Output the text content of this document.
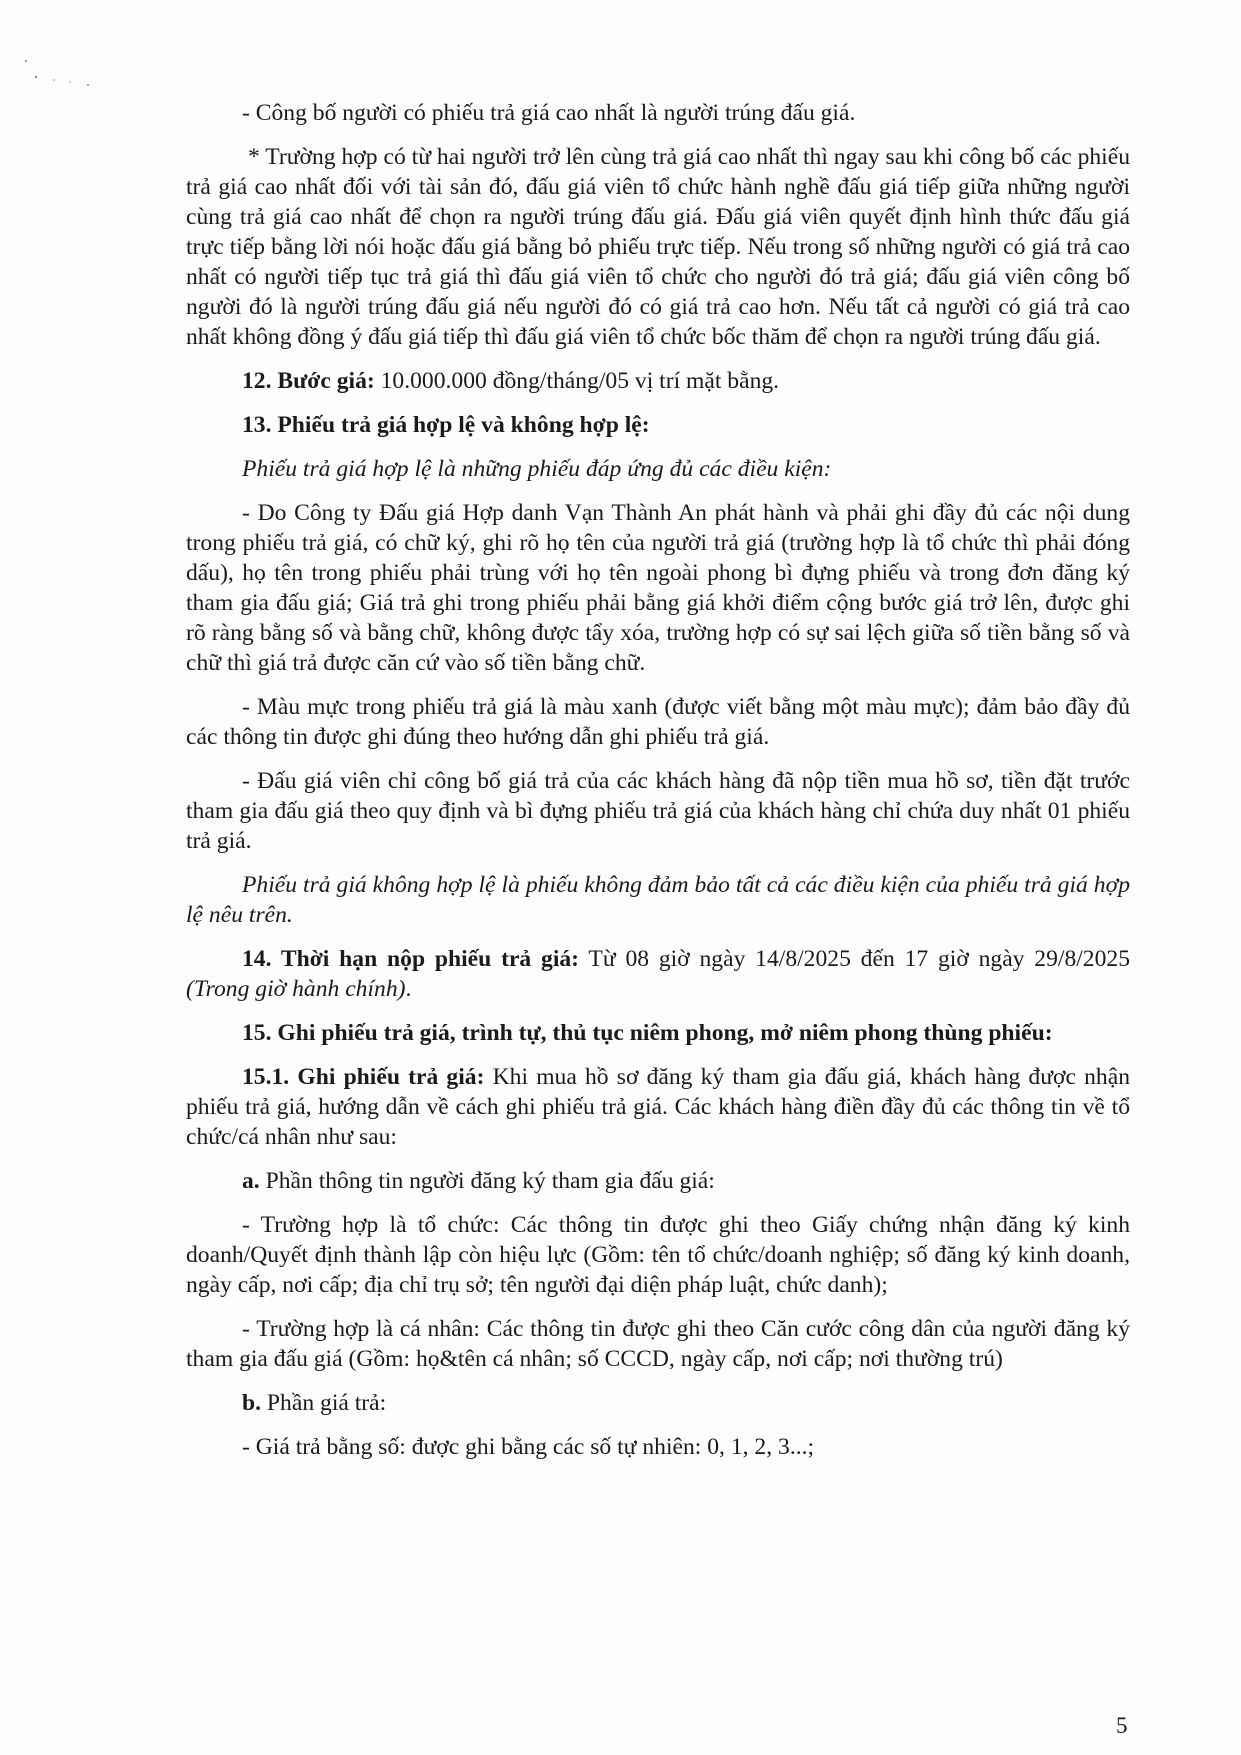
- Công bố người có phiếu trả giá cao nhất là người trúng đấu giá.

* Trường hợp có từ hai người trở lên cùng trả giá cao nhất thì ngay sau khi công bố các phiếu trả giá cao nhất đối với tài sản đó, đấu giá viên tổ chức hành nghề đấu giá tiếp giữa những người cùng trả giá cao nhất để chọn ra người trúng đấu giá. Đấu giá viên quyết định hình thức đấu giá trực tiếp bằng lời nói hoặc đấu giá bằng bỏ phiếu trực tiếp. Nếu trong số những người có giá trả cao nhất có người tiếp tục trả giá thì đấu giá viên tổ chức cho người đó trả giá; đấu giá viên công bố người đó là người trúng đấu giá nếu người đó có giá trả cao hơn. Nếu tất cả người có giá trả cao nhất không đồng ý đấu giá tiếp thì đấu giá viên tổ chức bốc thăm để chọn ra người trúng đấu giá.

12. Bước giá: 10.000.000 đồng/tháng/05 vị trí mặt bằng.

13. Phiếu trả giá hợp lệ và không hợp lệ:

Phiếu trả giá hợp lệ là những phiếu đáp ứng đủ các điều kiện:

- Do Công ty Đấu giá Hợp danh Vạn Thành An phát hành và phải ghi đầy đủ các nội dung trong phiếu trả giá, có chữ ký, ghi rõ họ tên của người trả giá (trường hợp là tổ chức thì phải đóng dấu), họ tên trong phiếu phải trùng với họ tên ngoài phong bì đựng phiếu và trong đơn đăng ký tham gia đấu giá; Giá trả ghi trong phiếu phải bằng giá khởi điểm cộng bước giá trở lên, được ghi rõ ràng bằng số và bằng chữ, không được tẩy xóa, trường hợp có sự sai lệch giữa số tiền bằng số và chữ thì giá trả được căn cứ vào số tiền bằng chữ.

- Màu mực trong phiếu trả giá là màu xanh (được viết bằng một màu mực); đảm bảo đầy đủ các thông tin được ghi đúng theo hướng dẫn ghi phiếu trả giá.

- Đấu giá viên chỉ công bố giá trả của các khách hàng đã nộp tiền mua hồ sơ, tiền đặt trước tham gia đấu giá theo quy định và bì đựng phiếu trả giá của khách hàng chỉ chứa duy nhất 01 phiếu trả giá.

Phiếu trả giá không hợp lệ là phiếu không đảm bảo tất cả các điều kiện của phiếu trả giá hợp lệ nêu trên.

14. Thời hạn nộp phiếu trả giá: Từ 08 giờ ngày 14/8/2025 đến 17 giờ ngày 29/8/2025 (Trong giờ hành chính).

15. Ghi phiếu trả giá, trình tự, thủ tục niêm phong, mở niêm phong thùng phiếu:

15.1. Ghi phiếu trả giá: Khi mua hồ sơ đăng ký tham gia đấu giá, khách hàng được nhận phiếu trả giá, hướng dẫn về cách ghi phiếu trả giá. Các khách hàng điền đầy đủ các thông tin về tổ chức/cá nhân như sau:

a. Phần thông tin người đăng ký tham gia đấu giá:

- Trường hợp là tổ chức: Các thông tin được ghi theo Giấy chứng nhận đăng ký kinh doanh/Quyết định thành lập còn hiệu lực (Gồm: tên tổ chức/doanh nghiệp; số đăng ký kinh doanh, ngày cấp, nơi cấp; địa chỉ trụ sở; tên người đại diện pháp luật, chức danh);

- Trường hợp là cá nhân: Các thông tin được ghi theo Căn cước công dân của người đăng ký tham gia đấu giá (Gồm: họ&tên cá nhân; số CCCD, ngày cấp, nơi cấp; nơi thường trú)

b. Phần giá trả:

- Giá trả bằng số: được ghi bằng các số tự nhiên: 0, 1, 2, 3...;

5
